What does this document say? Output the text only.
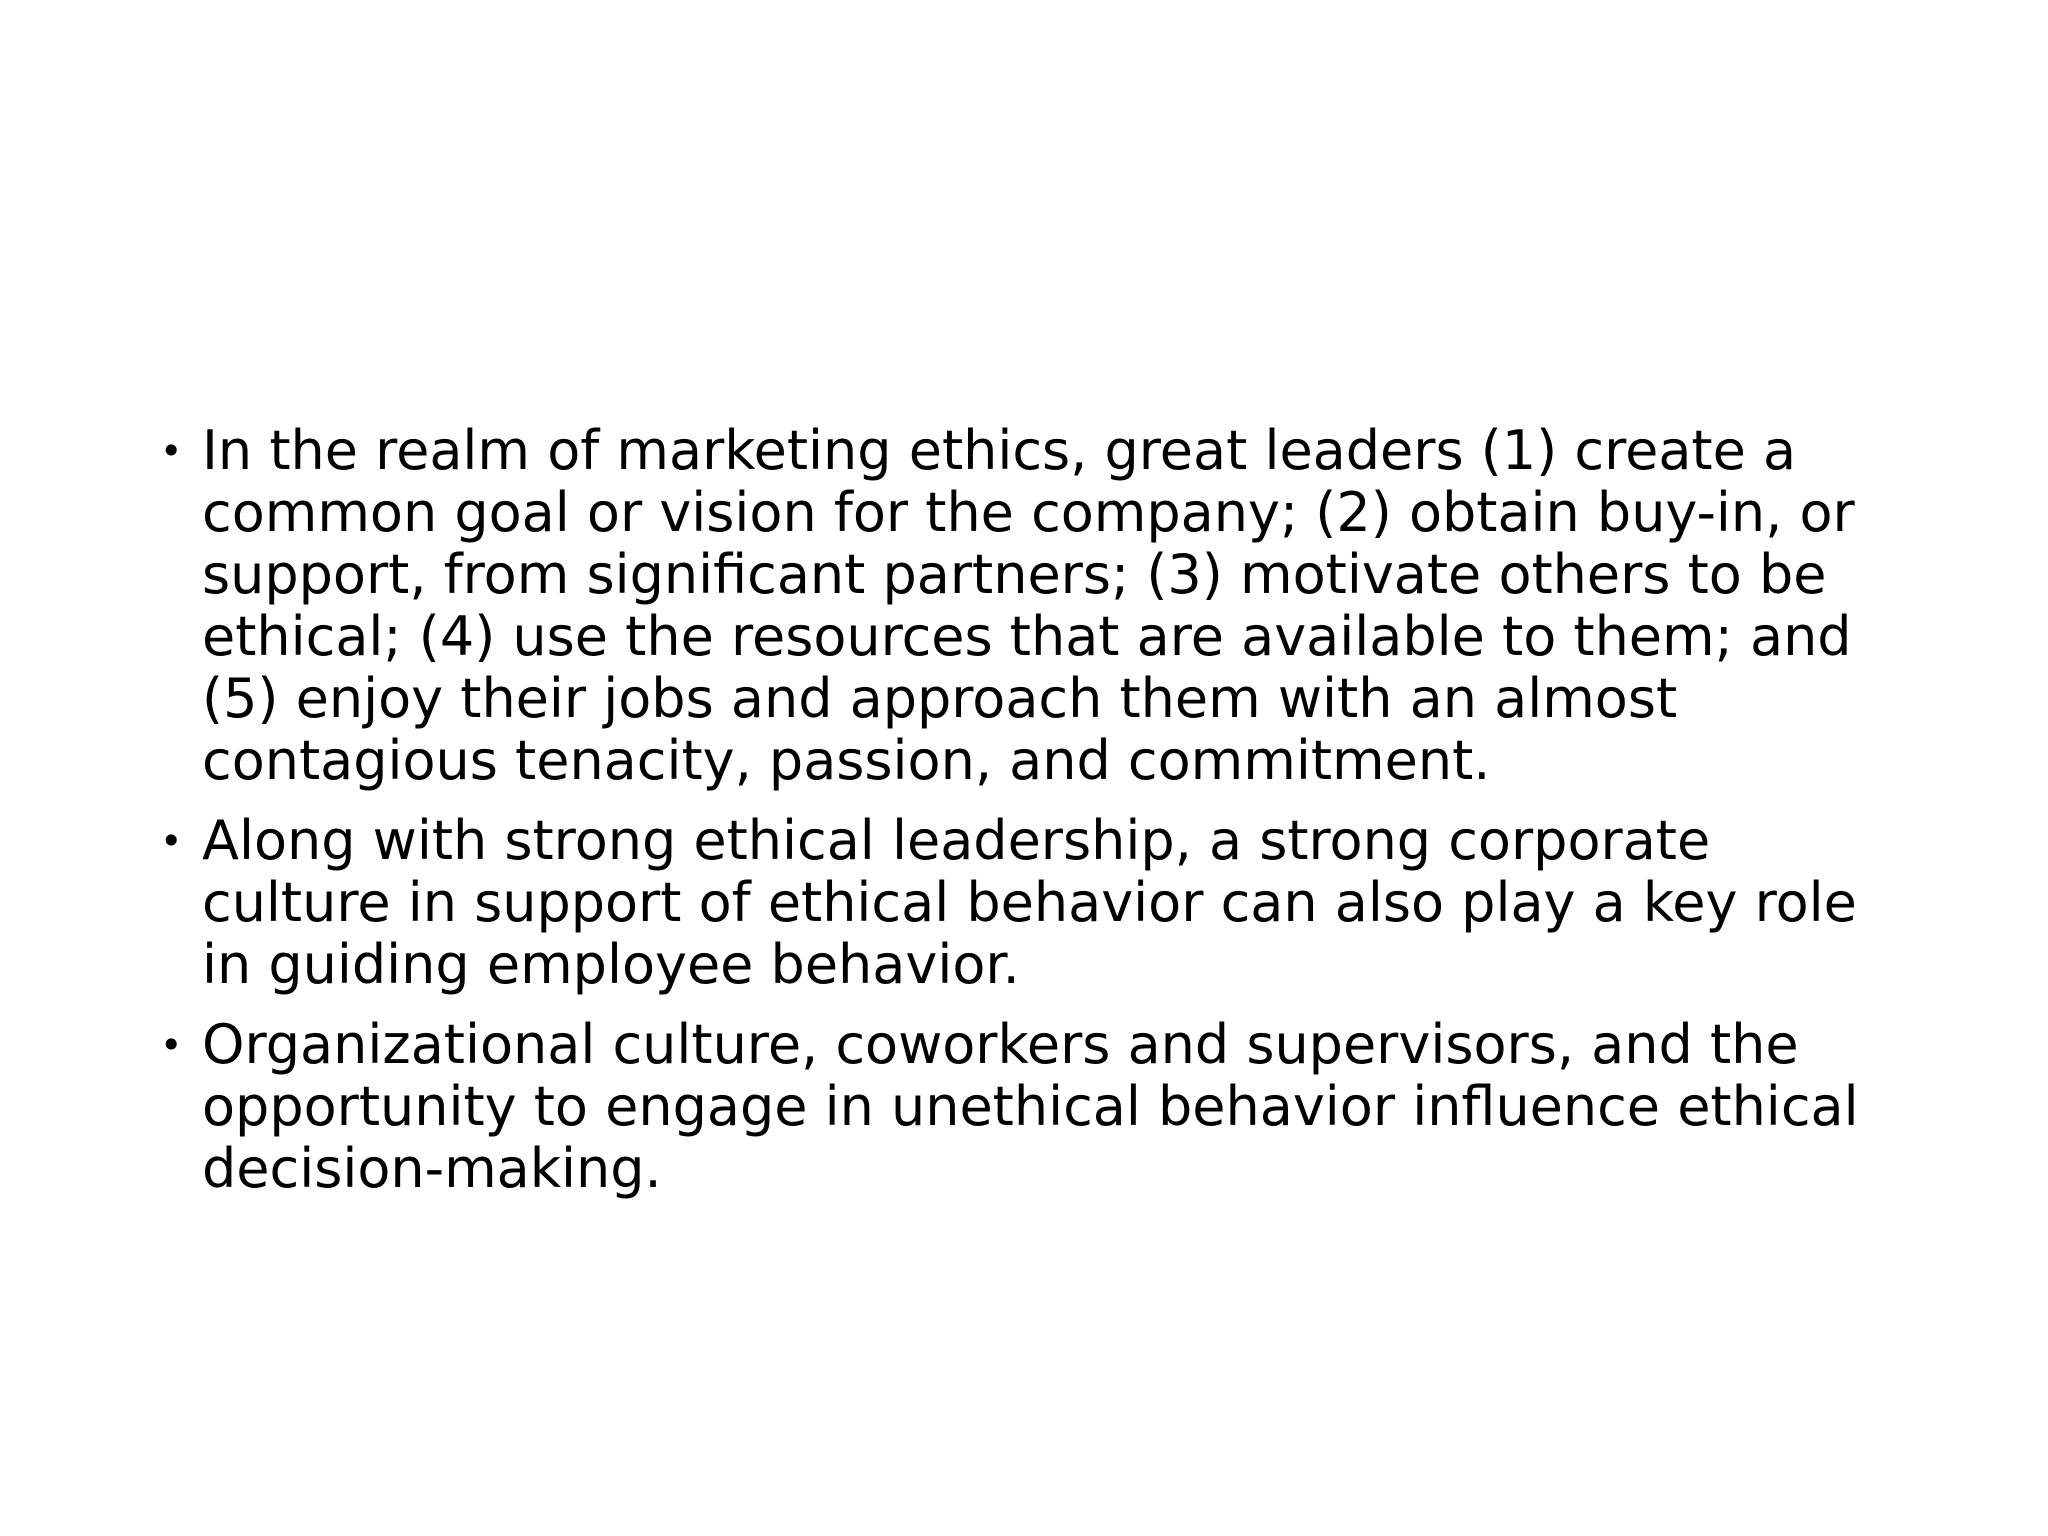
• In the realm of marketing ethics, great leaders (1) create a common goal or vision for the company; (2) obtain buy-in, or support, from significant partners; (3) motivate others to be ethical; (4) use the resources that are available to them; and (5) enjoy their jobs and approach them with an almost contagious tenacity, passion, and commitment.
• Along with strong ethical leadership, a strong corporate culture in support of ethical behavior can also play a key role in guiding employee behavior.
• Organizational culture, coworkers and supervisors, and the opportunity to engage in unethical behavior influence ethical decision-making.
